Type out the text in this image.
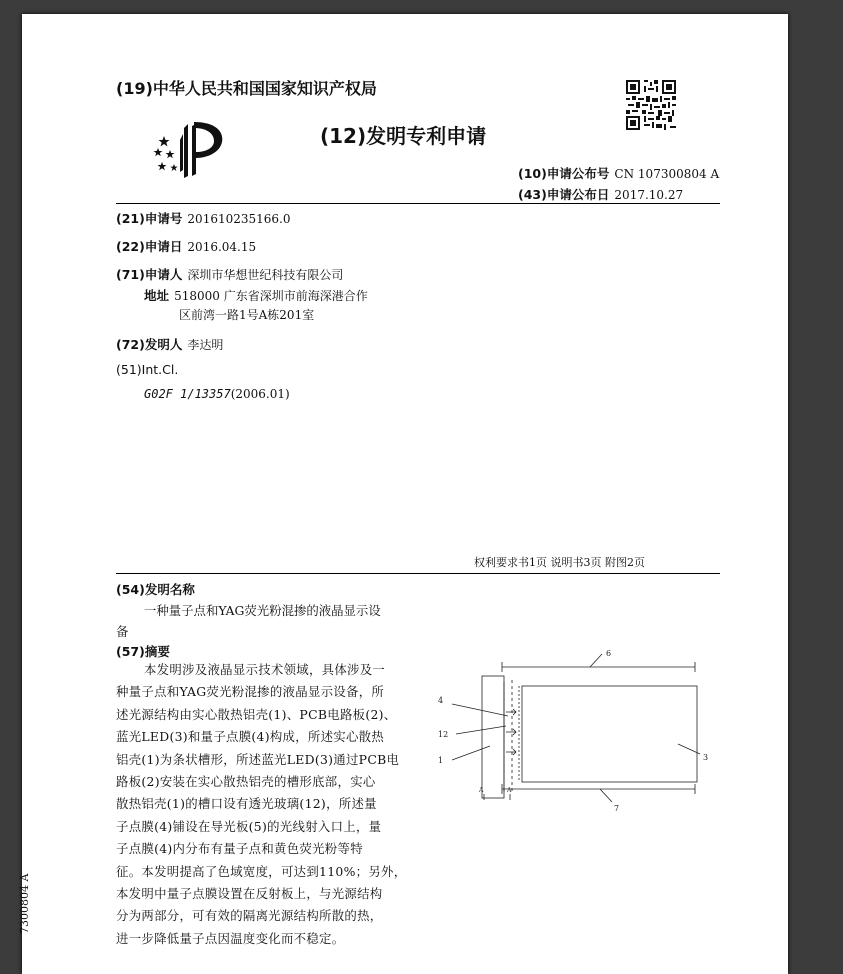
(19)中华人民共和国国家知识产权局
(12)发明专利申请
(10)申请公布号 CN 107300804 A
(43)申请公布日 2017.10.27
(21)申请号 201610235166.0
(22)申请日 2016.04.15
(71)申请人 深圳市华想世纪科技有限公司
地址 518000 广东省深圳市前海深港合作
区前湾一路1号A栋201室
(72)发明人 李达明
(51)Int.Cl.
G02F 1/13357(2006.01)
权利要求书1页 说明书3页 附图2页
(54)发明名称
一种量子点和YAG荧光粉混掺的液晶显示设
备
(57)摘要

本发明涉及液晶显示技术领域，具体涉及一

种量子点和YAG荧光粉混掺的液晶显示设备，所

述光源结构由实心散热铝壳(1)、PCB电路板(2)、

蓝光LED(3)和量子点膜(4)构成，所述实心散热

铝壳(1)为条状槽形，所述蓝光LED(3)通过PCB电

路板(2)安装在实心散热铝壳的槽形底部，实心

散热铝壳(1)的槽口设有透光玻璃(12)，所述量

子点膜(4)铺设在导光板(5)的光线射入口上，量

子点膜(4)内分布有量子点和黄色荧光粉等特

征。本发明提高了色域宽度，可达到110%；另外，

本发明中量子点膜设置在反射板上，与光源结构

分为两部分，可有效的隔离光源结构所散的热，

进一步降低量子点因温度变化而不稳定。

6
4
12
1	3
7
A	A
7300804 A
